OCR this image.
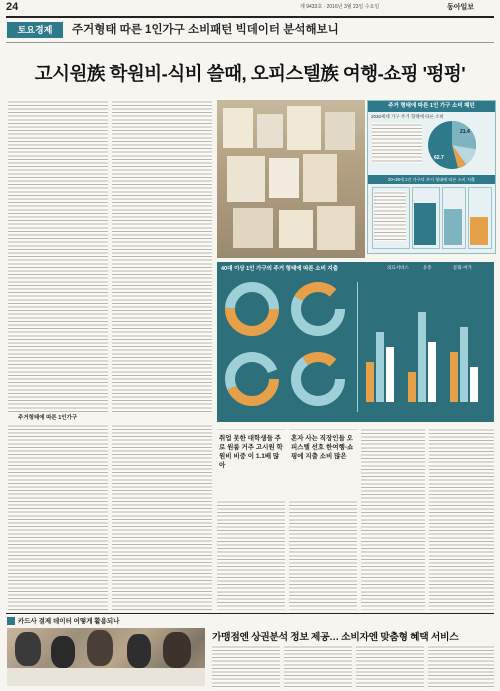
24	제 9433호 · 2016년 3월 23일 수요일	동아일보
토요경제	주거형태 따른 1인가구 소비패턴 빅데이터 분석해보니
고시원族 학원비-식비 쓸때, 오피스텔族 여행-쇼핑 '펑펑'
주거형태에 따른 1인가구
주거 형태에 따른 1인 가구 소비 패턴
2030세대 가구 주거 형태에 따른 소비
62.7
21.4
20~39세 1인 가구의 주거 형태에 따른 소비 지출
40대 이상 1인 가구의 주거 형태에 따른 소비 지출	의료서비스	유흥	문화·여가
취업 못한 대학생들 주로 원룸 거주 고시원 학원비 비중 이 1.1배 많아
혼자 사는 직장인들 오피스텔 선호 한여행-쇼핑에 지출 소비 많은
카드사 결제 데이터 어떻게 활용되나
가맹점엔 상권분석 정보 제공… 소비자엔 맞춤형 혜택 서비스
